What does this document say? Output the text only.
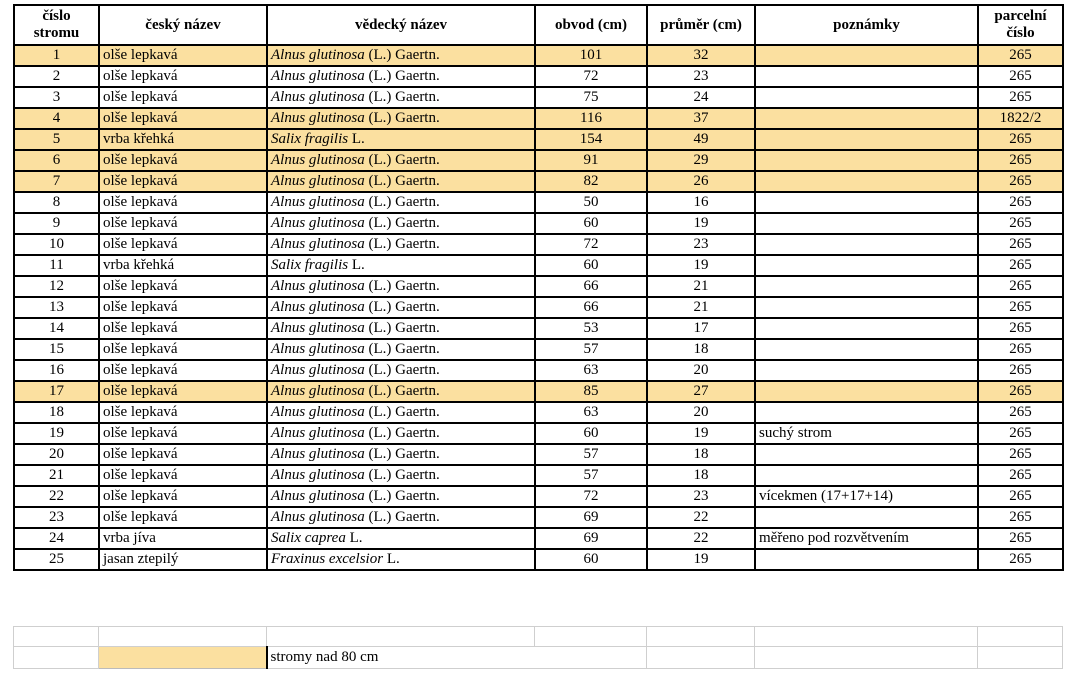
číslo stromu	český název	vědecký název	obvod (cm)	průměr (cm)	poznámky	parcelní číslo
1	olše lepkavá	Alnus glutinosa (L.) Gaertn.	101	32		265
2	olše lepkavá	Alnus glutinosa (L.) Gaertn.	72	23		265
3	olše lepkavá	Alnus glutinosa (L.) Gaertn.	75	24		265
4	olše lepkavá	Alnus glutinosa (L.) Gaertn.	116	37		1822/2
5	vrba křehká	Salix fragilis L.	154	49		265
6	olše lepkavá	Alnus glutinosa (L.) Gaertn.	91	29		265
7	olše lepkavá	Alnus glutinosa (L.) Gaertn.	82	26		265
8	olše lepkavá	Alnus glutinosa (L.) Gaertn.	50	16		265
9	olše lepkavá	Alnus glutinosa (L.) Gaertn.	60	19		265
10	olše lepkavá	Alnus glutinosa (L.) Gaertn.	72	23		265
11	vrba křehká	Salix fragilis L.	60	19		265
12	olše lepkavá	Alnus glutinosa (L.) Gaertn.	66	21		265
13	olše lepkavá	Alnus glutinosa (L.) Gaertn.	66	21		265
14	olše lepkavá	Alnus glutinosa (L.) Gaertn.	53	17		265
15	olše lepkavá	Alnus glutinosa (L.) Gaertn.	57	18		265
16	olše lepkavá	Alnus glutinosa (L.) Gaertn.	63	20		265
17	olše lepkavá	Alnus glutinosa (L.) Gaertn.	85	27		265
18	olše lepkavá	Alnus glutinosa (L.) Gaertn.	63	20		265
19	olše lepkavá	Alnus glutinosa (L.) Gaertn.	60	19	suchý strom	265
20	olše lepkavá	Alnus glutinosa (L.) Gaertn.	57	18		265
21	olše lepkavá	Alnus glutinosa (L.) Gaertn.	57	18		265
22	olše lepkavá	Alnus glutinosa (L.) Gaertn.	72	23	vícekmen (17+17+14)	265
23	olše lepkavá	Alnus glutinosa (L.) Gaertn.	69	22		265
24	vrba jíva	Salix caprea L.	69	22	měřeno pod rozvětvením	265
25	jasan ztepilý	Fraxinus excelsior L.	60	19		265

		stromy nad 80 cm				
